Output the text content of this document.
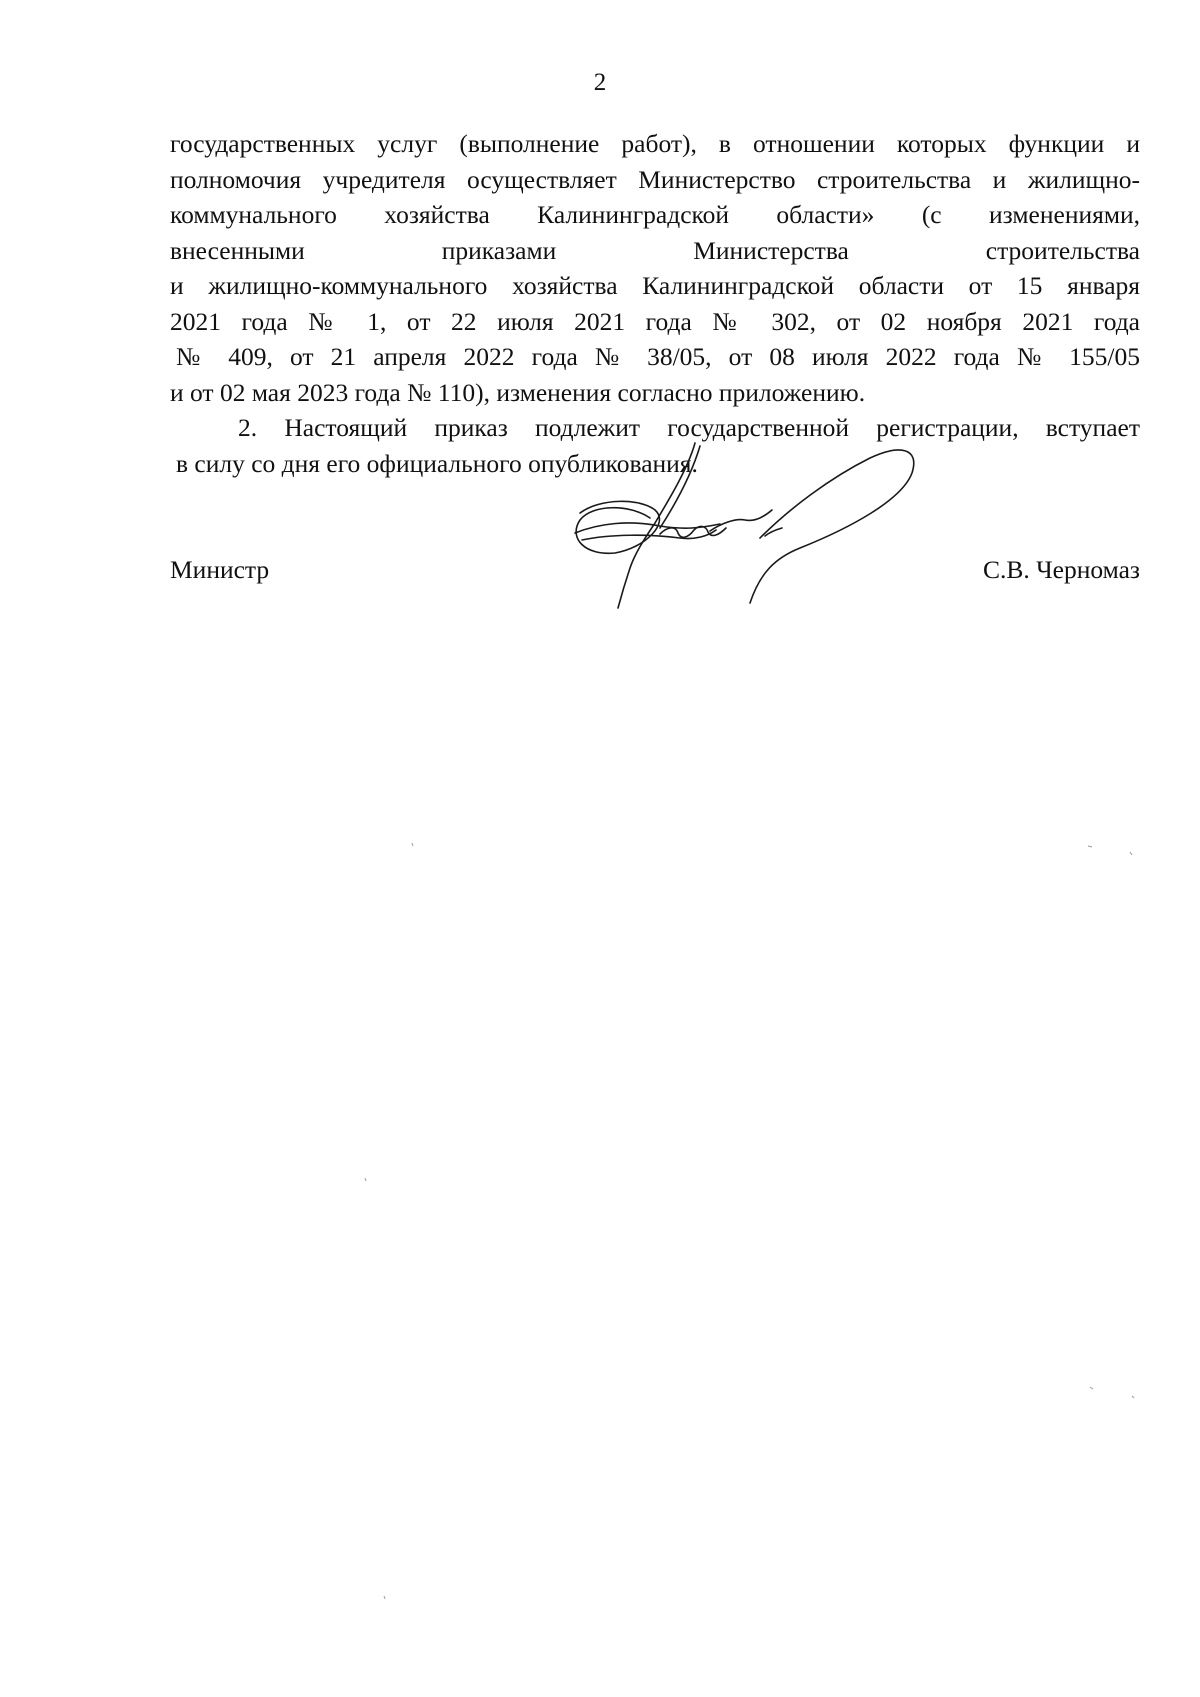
2
государственных услуг (выполнение работ), в отношении которых функции и
полномочия учредителя осуществляет Министерство строительства и жилищно-
коммунального хозяйства Калининградской области» (с изменениями,
внесенными приказами Министерства строительства
и жилищно-коммунального хозяйства Калининградской области от 15 января
2021 года № 1, от 22 июля 2021 года № 302, от 02 ноября 2021 года
№ 409, от 21 апреля 2022 года № 38/05, от 08 июля 2022 года № 155/05
и от 02 мая 2023 года № 110), изменения согласно приложению.
2. Настоящий приказ подлежит государственной регистрации, вступает
в силу со дня его официального опубликования.
Министр	С.В. Черномаз
